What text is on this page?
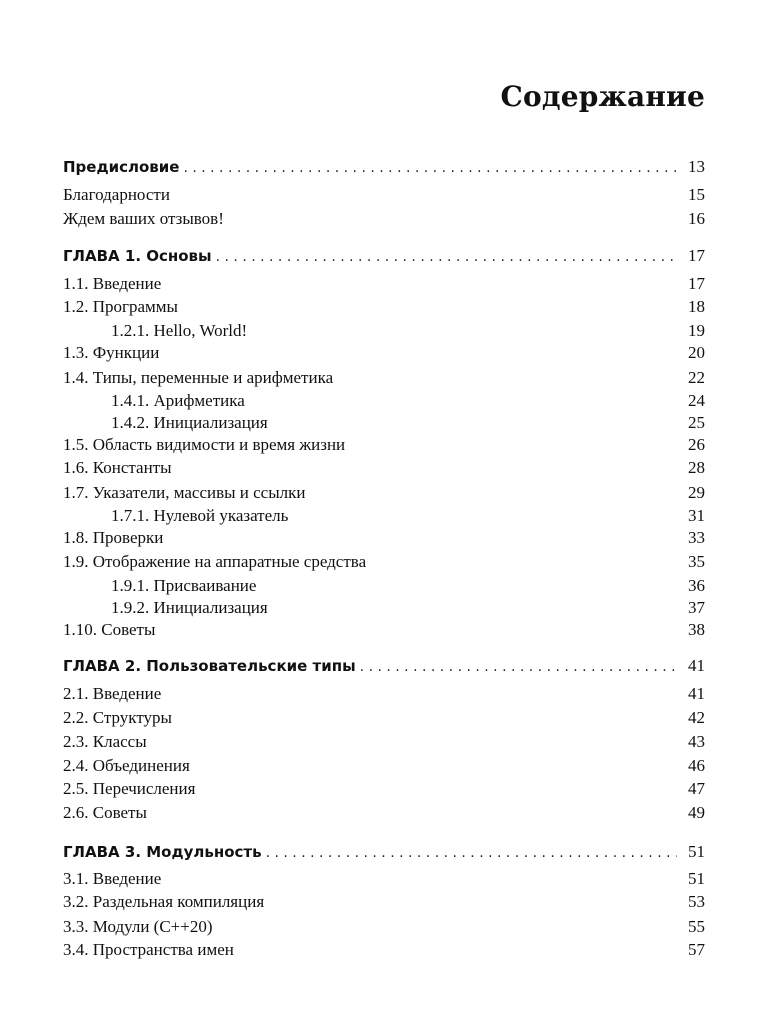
Содержание
Предисловие . . .	13
Благодарности	15
Ждем ваших отзывов!	16
ГЛАВА 1. Основы . . .	17
1.1. Введение	17
1.2. Программы	18
1.2.1. Hello, World!	19
1.3. Функции	20
1.4. Типы, переменные и арифметика	22
1.4.1. Арифметика	24
1.4.2. Инициализация	25
1.5. Область видимости и время жизни	26
1.6. Константы	28
1.7. Указатели, массивы и ссылки	29
1.7.1. Нулевой указатель	31
1.8. Проверки	33
1.9. Отображение на аппаратные средства	35
1.9.1. Присваивание	36
1.9.2. Инициализация	37
1.10. Советы	38
ГЛАВА 2. Пользовательские типы . . .	41
2.1. Введение	41
2.2. Структуры	42
2.3. Классы	43
2.4. Объединения	46
2.5. Перечисления	47
2.6. Советы	49
ГЛАВА 3. Модульность . . .	51
3.1. Введение	51
3.2. Раздельная компиляция	53
3.3. Модули (C++20)	55
3.4. Пространства имен	57
